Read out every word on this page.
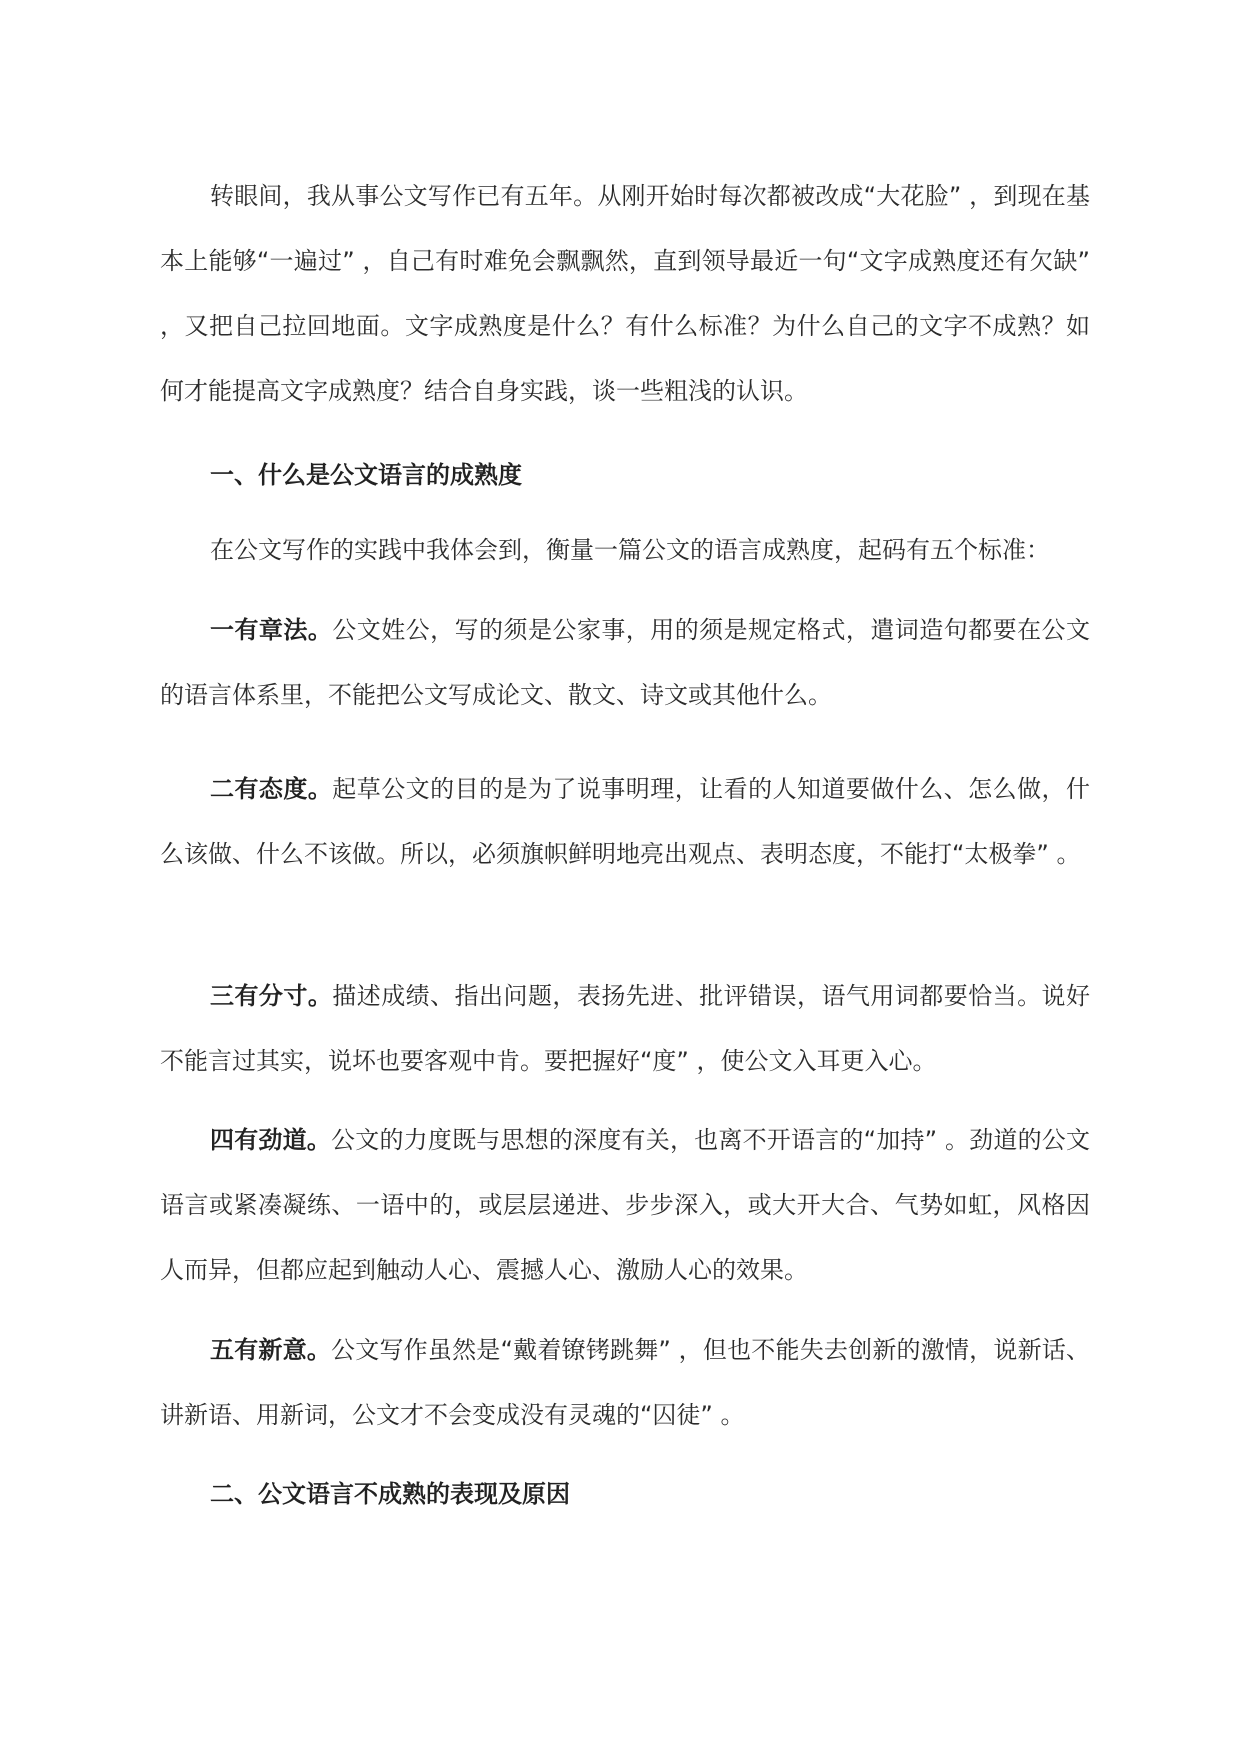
转眼间，我从事公文写作已有五年。从刚开始时每次都被改成“大花脸” ，到现在基本上能够“一遍过” ，自己有时难免会飘飘然，直到领导最近一句“文字成熟度还有欠缺” ，又把自己拉回地面。文字成熟度是什么？有什么标准？为什么自己的文字不成熟？如何才能提高文字成熟度？结合自身实践，谈一些粗浅的认识。

一、什么是公文语言的成熟度

在公文写作的实践中我体会到，衡量一篇公文的语言成熟度，起码有五个标准：

一有章法。公文姓公，写的须是公家事，用的须是规定格式，遣词造句都要在公文的语言体系里，不能把公文写成论文、散文、诗文或其他什么。

二有态度。起草公文的目的是为了说事明理，让看的人知道要做什么、怎么做，什么该做、什么不该做。所以，必须旗帜鲜明地亮出观点、表明态度，不能打“太极拳” 。

三有分寸。描述成绩、指出问题，表扬先进、批评错误，语气用词都要恰当。说好不能言过其实，说坏也要客观中肯。要把握好“度” ，使公文入耳更入心。

四有劲道。公文的力度既与思想的深度有关，也离不开语言的“加持” 。劲道的公文语言或紧凑凝练、一语中的，或层层递进、步步深入，或大开大合、气势如虹，风格因人而异，但都应起到触动人心、震撼人心、激励人心的效果。

五有新意。公文写作虽然是“戴着镣铐跳舞” ，但也不能失去创新的激情，说新话、讲新语、用新词，公文才不会变成没有灵魂的“囚徒” 。

二、公文语言不成熟的表现及原因
